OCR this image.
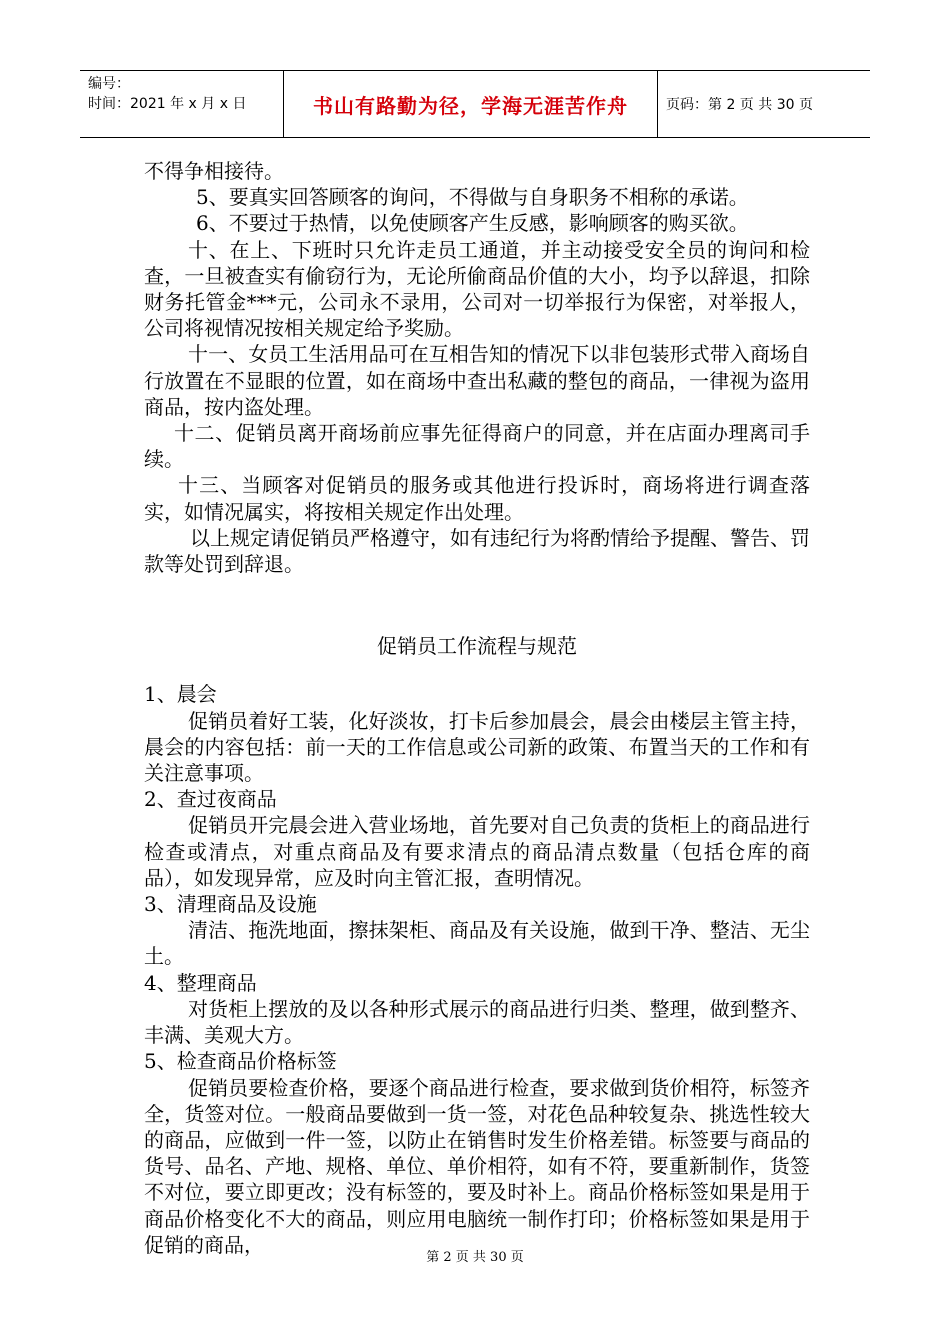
编号：
时间：2021 年 x 月 x 日	书山有路勤为径，学海无涯苦作舟	页码：第 2 页 共 30 页

不得争相接待。

5、要真实回答顾客的询问，不得做与自身职务不相称的承诺。

6、不要过于热情，以免使顾客产生反感，影响顾客的购买欲。

十、在上、下班时只允许走员工通道，并主动接受安全员的询问和检查，一旦被查实有偷窃行为，无论所偷商品价值的大小，均予以辞退，扣除财务托管金***元，公司永不录用，公司对一切举报行为保密，对举报人，公司将视情况按相关规定给予奖励。

十一、女员工生活用品可在互相告知的情况下以非包装形式带入商场自行放置在不显眼的位置，如在商场中查出私藏的整包的商品，一律视为盗用商品，按内盗处理。

十二、促销员离开商场前应事先征得商户的同意，并在店面办理离司手续。

十三、当顾客对促销员的服务或其他进行投诉时，商场将进行调查落实，如情况属实，将按相关规定作出处理。

以上规定请促销员严格遵守，如有违纪行为将酌情给予提醒、警告、罚款等处罚到辞退。

促销员工作流程与规范

1、晨会

促销员着好工装，化好淡妆，打卡后参加晨会，晨会由楼层主管主持，晨会的内容包括：前一天的工作信息或公司新的政策、布置当天的工作和有关注意事项。

2、查过夜商品

促销员开完晨会进入营业场地，首先要对自己负责的货柜上的商品进行检查或清点，对重点商品及有要求清点的商品清点数量（包括仓库的商品），如发现异常，应及时向主管汇报，查明情况。

3、清理商品及设施

清洁、拖洗地面，擦抹架柜、商品及有关设施，做到干净、整洁、无尘土。

4、整理商品

对货柜上摆放的及以各种形式展示的商品进行归类、整理，做到整齐、丰满、美观大方。

5、检查商品价格标签

促销员要检查价格，要逐个商品进行检查，要求做到货价相符，标签齐全，货签对位。一般商品要做到一货一签，对花色品种较复杂、挑选性较大的商品，应做到一件一签，以防止在销售时发生价格差错。标签要与商品的货号、品名、产地、规格、单位、单价相符，如有不符，要重新制作，货签不对位，要立即更改；没有标签的，要及时补上。商品价格标签如果是用于商品价格变化不大的商品，则应用电脑统一制作打印；价格标签如果是用于促销的商品，

第 2 页 共 30 页
